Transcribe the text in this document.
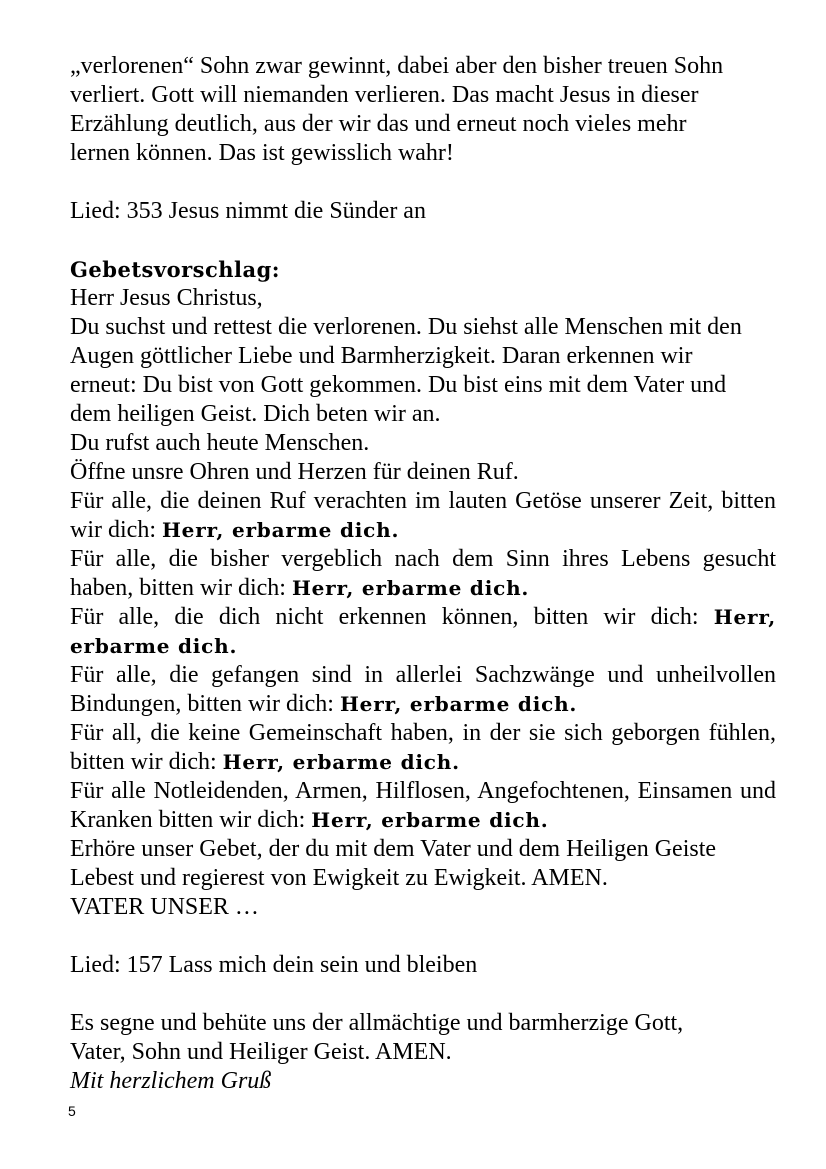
„verlorenen“ Sohn zwar gewinnt, dabei aber den bisher treuen Sohn
verliert. Gott will niemanden verlieren. Das macht Jesus in dieser
Erzählung deutlich, aus der wir das und erneut noch vieles mehr
lernen können. Das ist gewisslich wahr!
Lied: 353 Jesus nimmt die Sünder an
Gebetsvorschlag:
Herr Jesus Christus,
Du suchst und rettest die verlorenen. Du siehst alle Menschen mit den
Augen göttlicher Liebe und Barmherzigkeit. Daran erkennen wir
erneut: Du bist von Gott gekommen. Du bist eins mit dem Vater und
dem heiligen Geist. Dich beten wir an.
Du rufst auch heute Menschen.
Öffne unsre Ohren und Herzen für deinen Ruf.
Für alle, die deinen Ruf verachten im lauten Getöse unserer Zeit, bitten wir dich: Herr, erbarme dich.
Für alle, die bisher vergeblich nach dem Sinn ihres Lebens gesucht haben, bitten wir dich: Herr, erbarme dich.
Für alle, die dich nicht erkennen können, bitten wir dich: Herr, erbarme dich.
Für alle, die gefangen sind in allerlei Sachzwänge und unheilvollen Bindungen, bitten wir dich: Herr, erbarme dich.
Für all, die keine Gemeinschaft haben, in der sie sich geborgen fühlen, bitten wir dich: Herr, erbarme dich.
Für alle Notleidenden, Armen, Hilflosen, Angefochtenen, Einsamen und Kranken bitten wir dich: Herr, erbarme dich.
Erhöre unser Gebet, der du mit dem Vater und dem Heiligen Geiste
Lebest und regierest von Ewigkeit zu Ewigkeit. AMEN.
VATER UNSER …
Lied: 157 Lass mich dein sein und bleiben
Es segne und behüte uns der allmächtige und barmherzige Gott,
Vater, Sohn und Heiliger Geist. AMEN.
Mit herzlichem Gruß
5
